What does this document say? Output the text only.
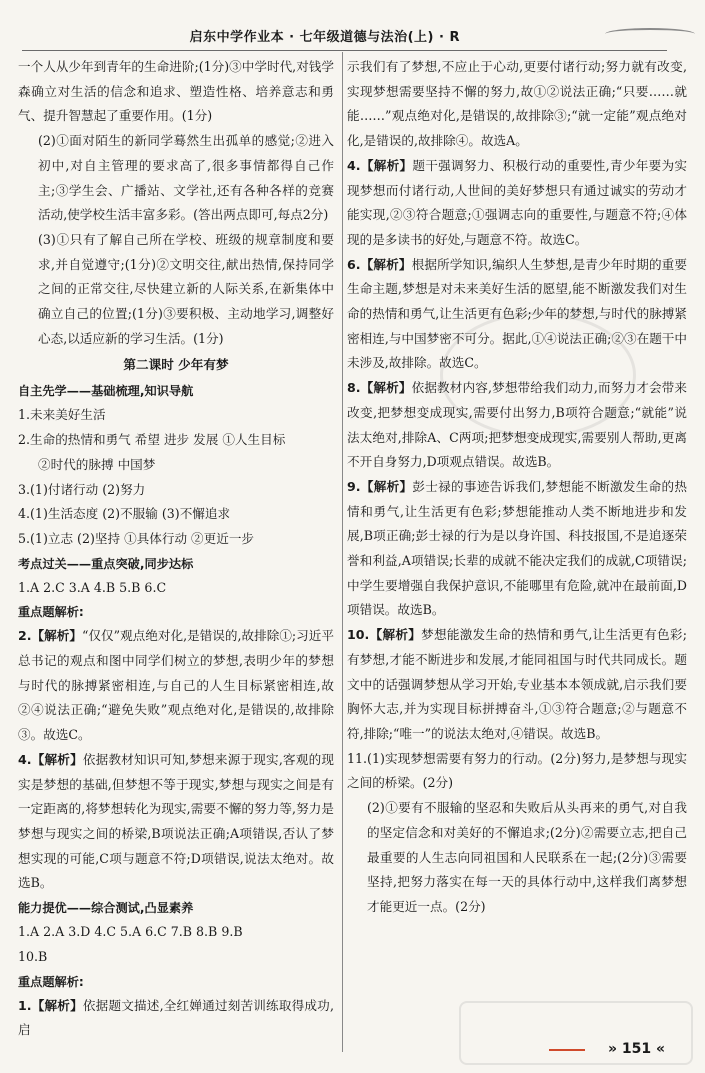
启东中学作业本 · 七年级道德与法治(上) · R

一个人从少年到青年的生命进阶;(1分)③中学时代,对钱学森确立对生活的信念和追求、塑造性格、培养意志和勇气、提升智慧起了重要作用。(1分)

(2)①面对陌生的新同学蓦然生出孤单的感觉;②进入初中,对自主管理的要求高了,很多事情都得自己作主;③学生会、广播站、文学社,还有各种各样的竞赛活动,使学校生活丰富多彩。(答出两点即可,每点2分)

(3)①只有了解自己所在学校、班级的规章制度和要求,并自觉遵守;(1分)②文明交往,献出热情,保持同学之间的正常交往,尽快建立新的人际关系,在新集体中确立自己的位置;(1分)③要积极、主动地学习,调整好心态,以适应新的学习生活。(1分)

第二课时 少年有梦

自主先学——基础梳理,知识导航

1.未来美好生活

2.生命的热情和勇气 希望 进步 发展 ①人生目标

②时代的脉搏 中国梦

3.(1)付诸行动 (2)努力

4.(1)生活态度 (2)不服输 (3)不懈追求

5.(1)立志 (2)坚持 ①具体行动 ②更近一步

考点过关——重点突破,同步达标

1.A 2.C 3.A 4.B 5.B 6.C

重点题解析:

2.【解析】“仅仅”观点绝对化,是错误的,故排除①;习近平总书记的观点和图中同学们树立的梦想,表明少年的梦想与时代的脉搏紧密相连,与自己的人生目标紧密相连,故②④说法正确;“避免失败”观点绝对化,是错误的,故排除③。故选C。

4.【解析】依据教材知识可知,梦想来源于现实,客观的现实是梦想的基础,但梦想不等于现实,梦想与现实之间是有一定距离的,将梦想转化为现实,需要不懈的努力等,努力是梦想与现实之间的桥梁,B项说法正确;A项错误,否认了梦想实现的可能,C项与题意不符;D项错误,说法太绝对。故选B。

能力提优——综合测试,凸显素养

1.A 2.A 3.D 4.C 5.A 6.C 7.B 8.B 9.B

10.B

重点题解析:

1.【解析】依据题文描述,全红婵通过刻苦训练取得成功,启

示我们有了梦想,不应止于心动,更要付诸行动;努力就有改变,实现梦想需要坚持不懈的努力,故①②说法正确;“只要……就能……”观点绝对化,是错误的,故排除③;“就一定能”观点绝对化,是错误的,故排除④。故选A。

4.【解析】题干强调努力、积极行动的重要性,青少年要为实现梦想而付诸行动,人世间的美好梦想只有通过诚实的劳动才能实现,②③符合题意;①强调志向的重要性,与题意不符;④体现的是多读书的好处,与题意不符。故选C。

6.【解析】根据所学知识,编织人生梦想,是青少年时期的重要生命主题,梦想是对未来美好生活的愿望,能不断激发我们对生命的热情和勇气,让生活更有色彩;少年的梦想,与时代的脉搏紧密相连,与中国梦密不可分。据此,①④说法正确;②③在题干中未涉及,故排除。故选C。

8.【解析】依据教材内容,梦想带给我们动力,而努力才会带来改变,把梦想变成现实,需要付出努力,B项符合题意;“就能”说法太绝对,排除A、C两项;把梦想变成现实,需要别人帮助,更离不开自身努力,D项观点错误。故选B。

9.【解析】彭士禄的事迹告诉我们,梦想能不断激发生命的热情和勇气,让生活更有色彩;梦想能推动人类不断地进步和发展,B项正确;彭士禄的行为是以身许国、科技报国,不是追逐荣誉和利益,A项错误;长辈的成就不能决定我们的成就,C项错误;中学生要增强自我保护意识,不能哪里有危险,就冲在最前面,D项错误。故选B。

10.【解析】梦想能激发生命的热情和勇气,让生活更有色彩;有梦想,才能不断进步和发展,才能同祖国与时代共同成长。题文中的话强调梦想从学习开始,专业基本本领成就,启示我们要胸怀大志,并为实现目标拼搏奋斗,①③符合题意;②与题意不符,排除;“唯一”的说法太绝对,④错误。故选B。

11.(1)实现梦想需要有努力的行动。(2分)努力,是梦想与现实之间的桥梁。(2分)

(2)①要有不服输的坚忍和失败后从头再来的勇气,对自我的坚定信念和对美好的不懈追求;(2分)②需要立志,把自己最重要的人生志向同祖国和人民联系在一起;(2分)③需要坚持,把努力落实在每一天的具体行动中,这样我们离梦想才能更近一点。(2分)

» 151 «
